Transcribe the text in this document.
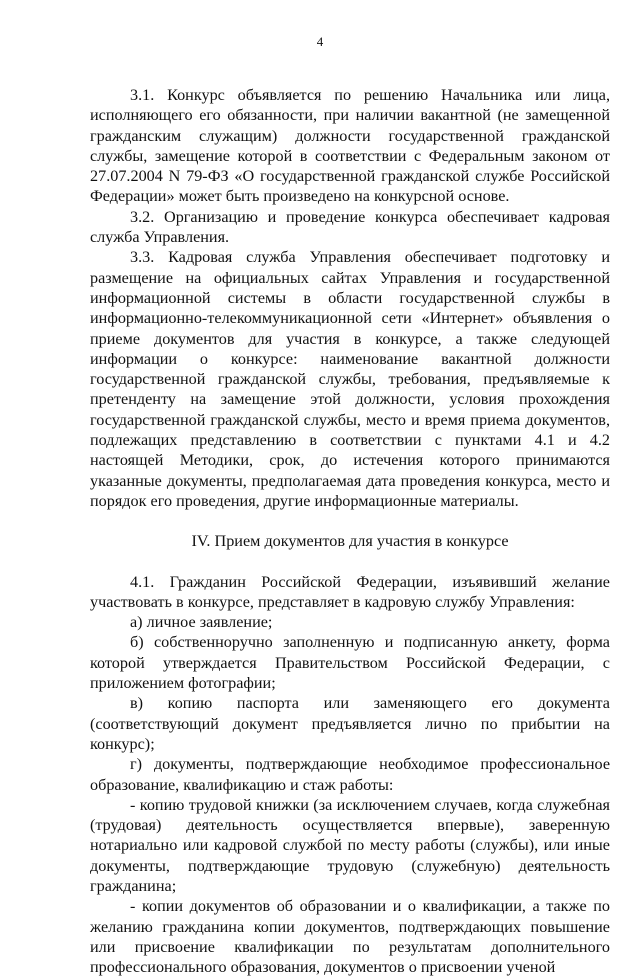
4

3.1. Конкурс объявляется по решению Начальника или лица, исполняющего его обязанности, при наличии вакантной (не замещенной гражданским служащим) должности государственной гражданской службы, замещение которой в соответствии с Федеральным законом от 27.07.2004 N 79-ФЗ «О государственной гражданской службе Российской Федерации» может быть произведено на конкурсной основе.

3.2. Организацию и проведение конкурса обеспечивает кадровая служба Управления.

3.3. Кадровая служба Управления обеспечивает подготовку и размещение на официальных сайтах Управления и государственной информационной системы в области государственной службы в информационно-телекоммуникационной сети «Интернет» объявления о приеме документов для участия в конкурсе, а также следующей информации о конкурсе: наименование вакантной должности государственной гражданской службы, требования, предъявляемые к претенденту на замещение этой должности, условия прохождения государственной гражданской службы, место и время приема документов, подлежащих представлению в соответствии с пунктами 4.1 и 4.2 настоящей Методики, срок, до истечения которого принимаются указанные документы, предполагаемая дата проведения конкурса, место и порядок его проведения, другие информационные материалы.

IV. Прием документов для участия в конкурсе

4.1. Гражданин Российской Федерации, изъявивший желание участвовать в конкурсе, представляет в кадровую службу Управления:

а) личное заявление;

б) собственноручно заполненную и подписанную анкету, форма которой утверждается Правительством Российской Федерации, с приложением фотографии;

в) копию паспорта или заменяющего его документа (соответствующий документ предъявляется лично по прибытии на конкурс);

г) документы, подтверждающие необходимое профессиональное образование, квалификацию и стаж работы:

- копию трудовой книжки (за исключением случаев, когда служебная (трудовая) деятельность осуществляется впервые), заверенную нотариально или кадровой службой по месту работы (службы), или иные документы, подтверждающие трудовую (служебную) деятельность гражданина;

- копии документов об образовании и о квалификации, а также по желанию гражданина копии документов, подтверждающих повышение или присвоение квалификации по результатам дополнительного профессионального образования, документов о присвоении ученой
